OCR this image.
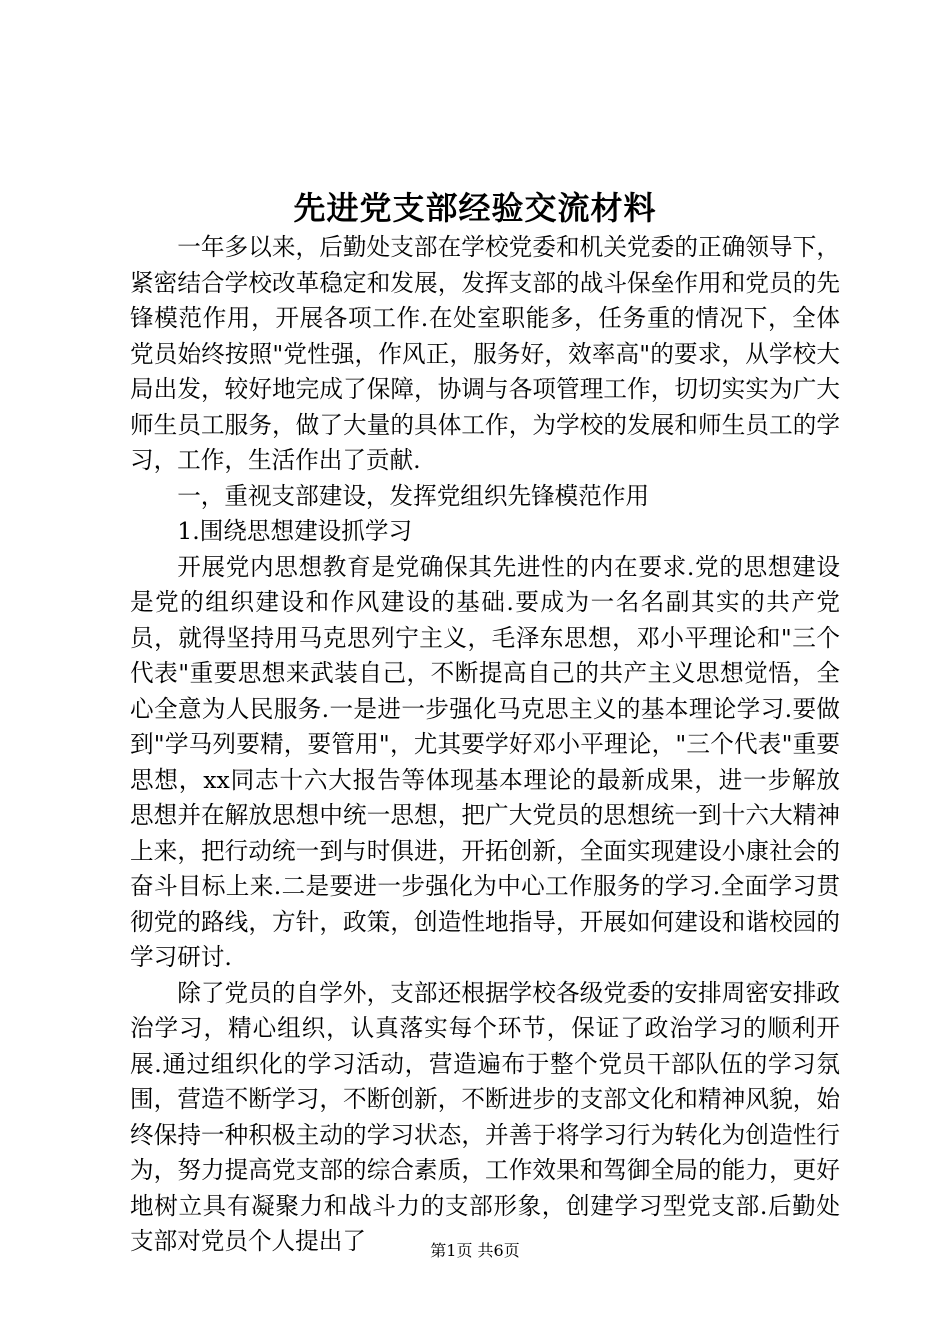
先进党支部经验交流材料

一年多以来，后勤处支部在学校党委和机关党委的正确领导下，紧密结合学校改革稳定和发展，发挥支部的战斗保垒作用和党员的先锋模范作用，开展各项工作.在处室职能多，任务重的情况下，全体党员始终按照"党性强，作风正，服务好，效率高"的要求，从学校大局出发，较好地完成了保障，协调与各项管理工作，切切实实为广大师生员工服务，做了大量的具体工作，为学校的发展和师生员工的学习，工作，生活作出了贡献.

一，重视支部建设，发挥党组织先锋模范作用

1.围绕思想建设抓学习

开展党内思想教育是党确保其先进性的内在要求.党的思想建设是党的组织建设和作风建设的基础.要成为一名名副其实的共产党员，就得坚持用马克思列宁主义，毛泽东思想，邓小平理论和"三个代表"重要思想来武装自己，不断提高自己的共产主义思想觉悟，全心全意为人民服务.一是进一步强化马克思主义的基本理论学习.要做到"学马列要精，要管用"，尤其要学好邓小平理论，"三个代表"重要思想，xx同志十六大报告等体现基本理论的最新成果，进一步解放思想并在解放思想中统一思想，把广大党员的思想统一到十六大精神上来，把行动统一到与时俱进，开拓创新，全面实现建设小康社会的奋斗目标上来.二是要进一步强化为中心工作服务的学习.全面学习贯彻党的路线，方针，政策，创造性地指导，开展如何建设和谐校园的学习研讨.

除了党员的自学外，支部还根据学校各级党委的安排周密安排政治学习，精心组织，认真落实每个环节，保证了政治学习的顺利开展.通过组织化的学习活动，营造遍布于整个党员干部队伍的学习氛围，营造不断学习，不断创新，不断进步的支部文化和精神风貌，始终保持一种积极主动的学习状态，并善于将学习行为转化为创造性行为，努力提高党支部的综合素质，工作效果和驾御全局的能力，更好地树立具有凝聚力和战斗力的支部形象，创建学习型党支部.后勤处支部对党员个人提出了	第1页 共6页
